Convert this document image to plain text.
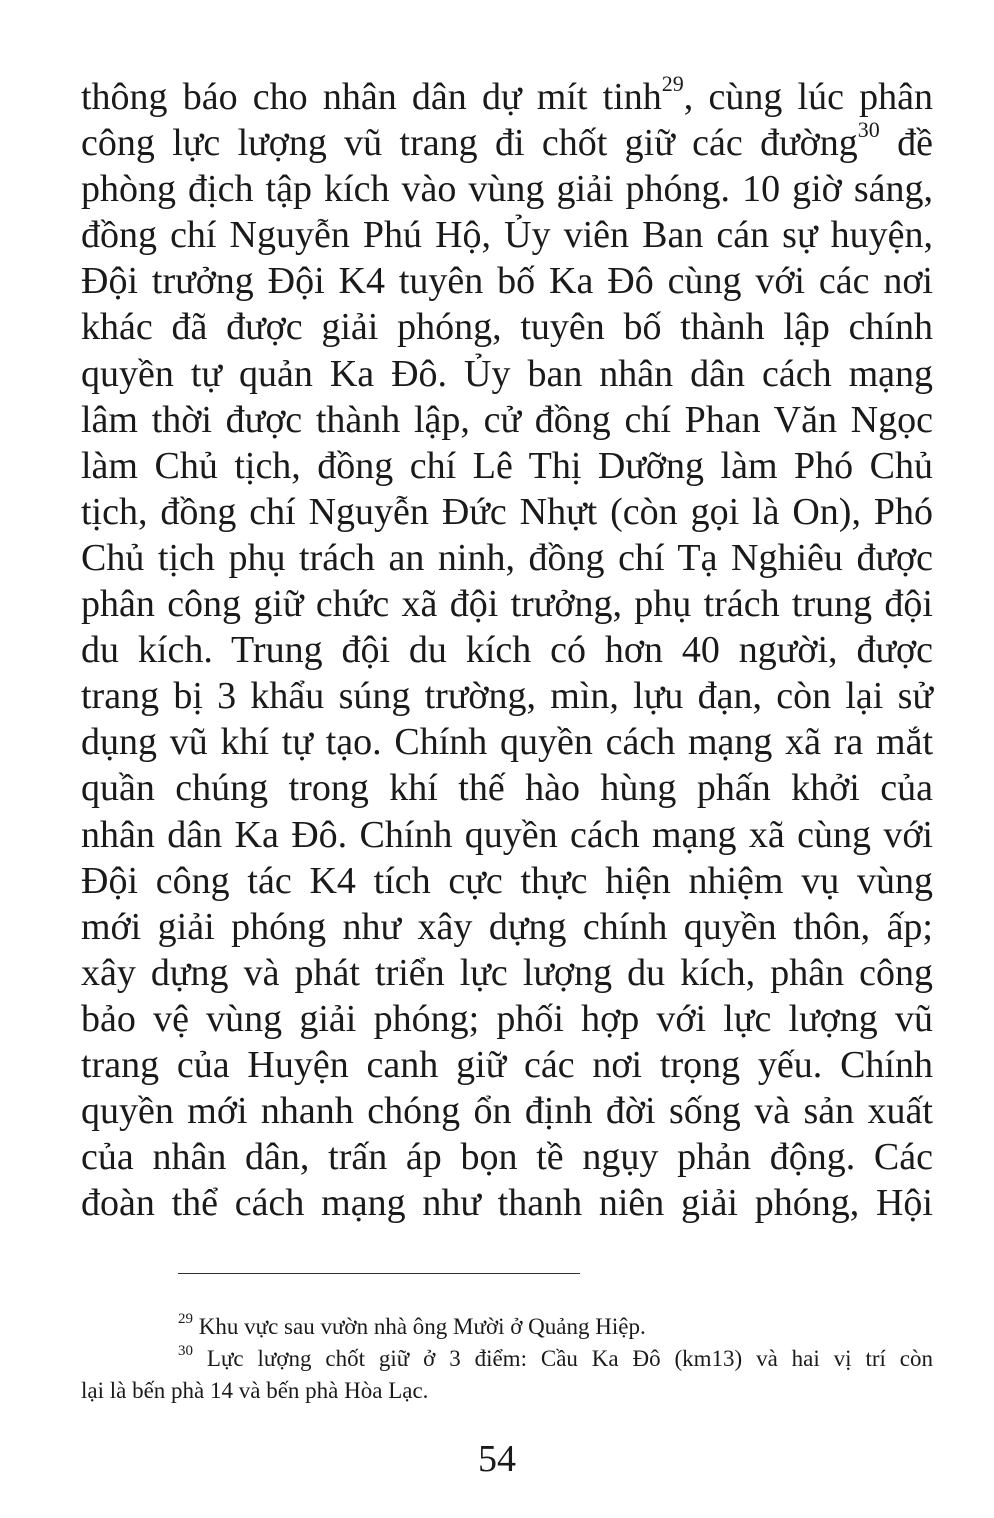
thông báo cho nhân dân dự mít tinh$^{29}$, cùng lúc phân
công lực lượng vũ trang đi chốt giữ các đường$^{30}$ đề
phòng địch tập kích vào vùng giải phóng. 10 giờ sáng,
đồng chí Nguyễn Phú Hộ, Ủy viên Ban cán sự huyện,
Đội trưởng Đội K4 tuyên bố Ka Đô cùng với các nơi
khác đã được giải phóng, tuyên bố thành lập chính
quyền tự quản Ka Đô. Ủy ban nhân dân cách mạng
lâm thời được thành lập, cử đồng chí Phan Văn Ngọc
làm Chủ tịch, đồng chí Lê Thị Dưỡng làm Phó Chủ
tịch, đồng chí Nguyễn Đức Nhựt (còn gọi là On), Phó
Chủ tịch phụ trách an ninh, đồng chí Tạ Nghiêu được
phân công giữ chức xã đội trưởng, phụ trách trung đội
du kích. Trung đội du kích có hơn 40 người, được
trang bị 3 khẩu súng trường, mìn, lựu đạn, còn lại sử
dụng vũ khí tự tạo. Chính quyền cách mạng xã ra mắt
quần chúng trong khí thế hào hùng phấn khởi của
nhân dân Ka Đô. Chính quyền cách mạng xã cùng với
Đội công tác K4 tích cực thực hiện nhiệm vụ vùng
mới giải phóng như xây dựng chính quyền thôn, ấp;
xây dựng và phát triển lực lượng du kích, phân công
bảo vệ vùng giải phóng; phối hợp với lực lượng vũ
trang của Huyện canh giữ các nơi trọng yếu. Chính
quyền mới nhanh chóng ổn định đời sống và sản xuất
của nhân dân, trấn áp bọn tề ngụy phản động. Các
đoàn thể cách mạng như thanh niên giải phóng, Hội
$^{29}$ Khu vực sau vườn nhà ông Mười ở Quảng Hiệp.
$^{30}$ Lực lượng chốt giữ ở 3 điểm: Cầu Ka Đô (km13) và hai vị trí còn
lại là bến phà 14 và bến phà Hòa Lạc.
54
